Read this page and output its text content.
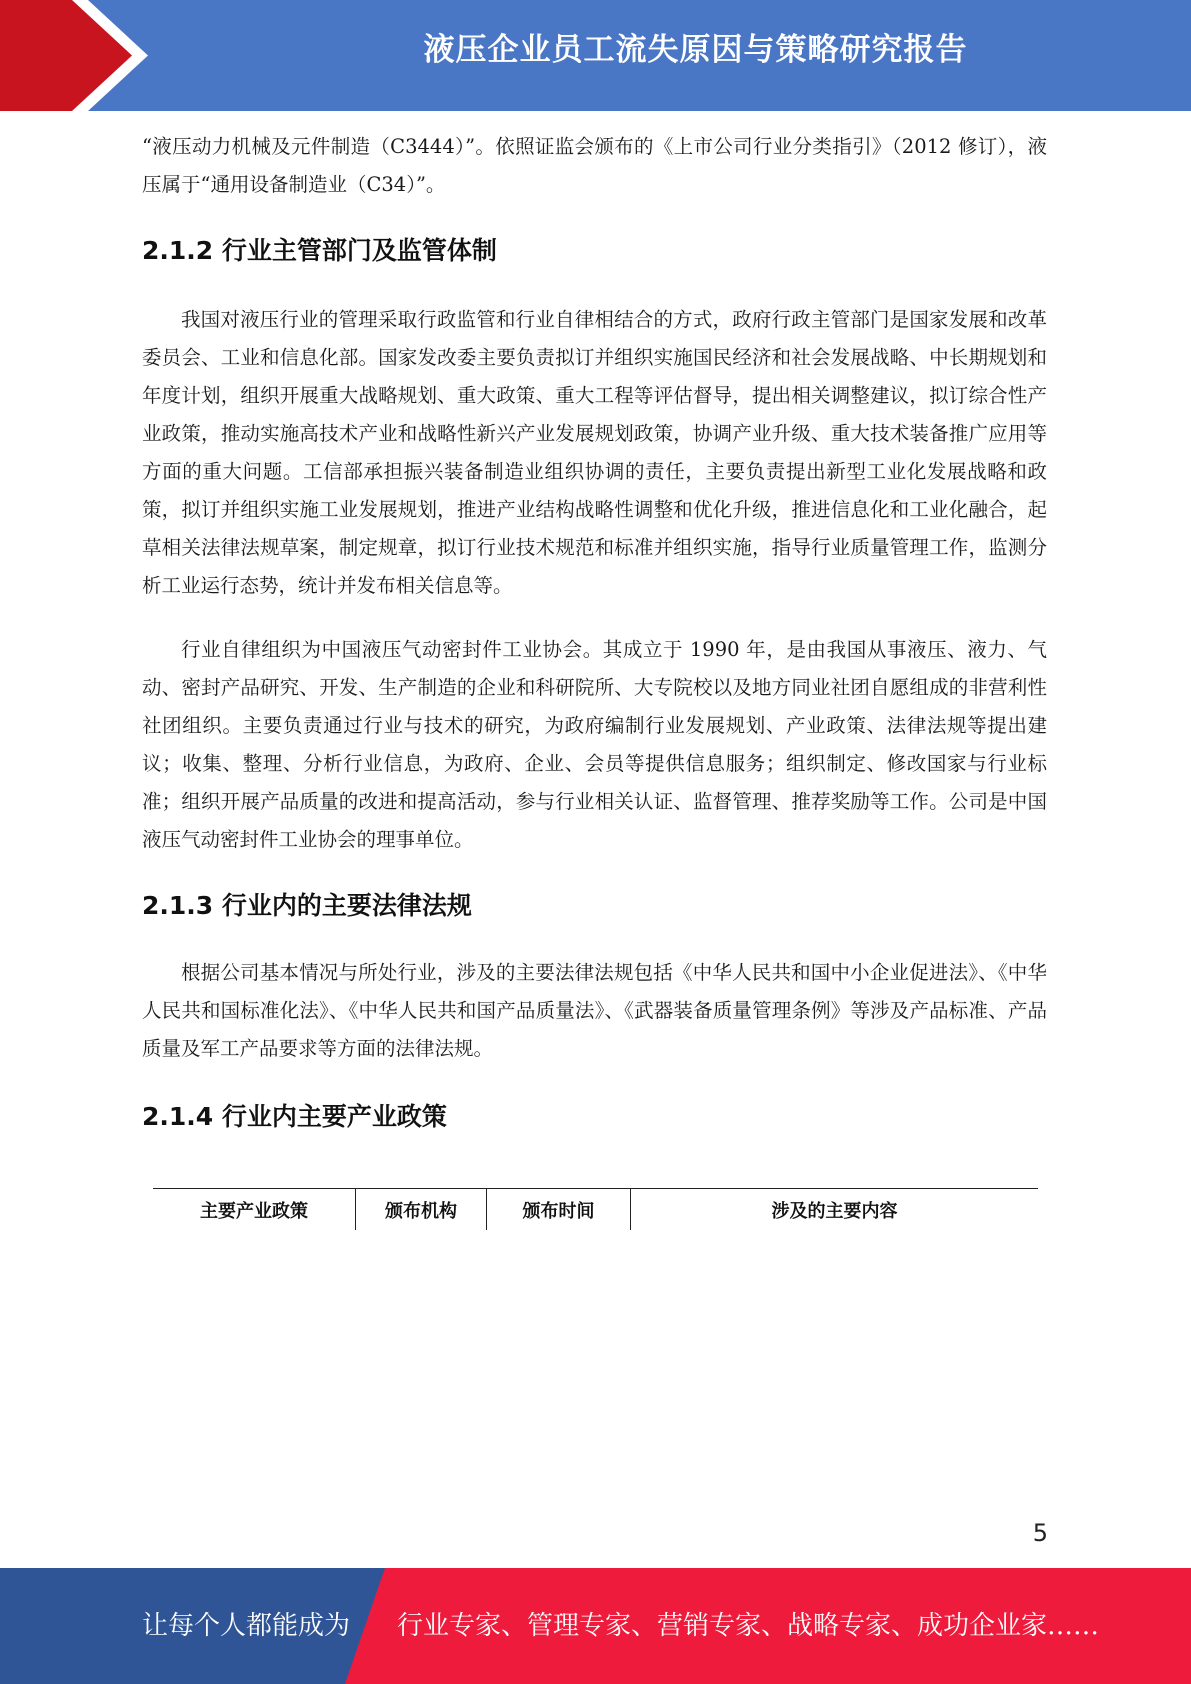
液压企业员工流失原因与策略研究报告

“液压动力机械及元件制造（C3444）”。依照证监会颁布的《上市公司行业分类指引》（2012 修订），液压属于“通用设备制造业（C34）”。

2.1.2 行业主管部门及监管体制

我国对液压行业的管理采取行政监管和行业自律相结合的方式，政府行政主管部门是国家发展和改革委员会、工业和信息化部。国家发改委主要负责拟订并组织实施国民经济和社会发展战略、中长期规划和年度计划，组织开展重大战略规划、重大政策、重大工程等评估督导，提出相关调整建议，拟订综合性产业政策，推动实施高技术产业和战略性新兴产业发展规划政策，协调产业升级、重大技术装备推广应用等方面的重大问题。工信部承担振兴装备制造业组织协调的责任，主要负责提出新型工业化发展战略和政策，拟订并组织实施工业发展规划，推进产业结构战略性调整和优化升级，推进信息化和工业化融合，起草相关法律法规草案，制定规章，拟订行业技术规范和标准并组织实施，指导行业质量管理工作，监测分析工业运行态势，统计并发布相关信息等。

行业自律组织为中国液压气动密封件工业协会。其成立于 1990 年，是由我国从事液压、液力、气动、密封产品研究、开发、生产制造的企业和科研院所、大专院校以及地方同业社团自愿组成的非营利性社团组织。主要负责通过行业与技术的研究，为政府编制行业发展规划、产业政策、法律法规等提出建议；收集、整理、分析行业信息，为政府、企业、会员等提供信息服务；组织制定、修改国家与行业标准；组织开展产品质量的改进和提高活动，参与行业相关认证、监督管理、推荐奖励等工作。公司是中国液压气动密封件工业协会的理事单位。

2.1.3 行业内的主要法律法规

根据公司基本情况与所处行业，涉及的主要法律法规包括《中华人民共和国中小企业促进法》、《中华人民共和国标准化法》、《中华人民共和国产品质量法》、《武器装备质量管理条例》等涉及产品标准、产品质量及军工产品要求等方面的法律法规。

2.1.4 行业内主要产业政策
主要产业政策	颁布机构	颁布时间	涉及的主要内容
5
让每个人都能成为 行业专家、管理专家、营销专家、战略专家、成功企业家……
